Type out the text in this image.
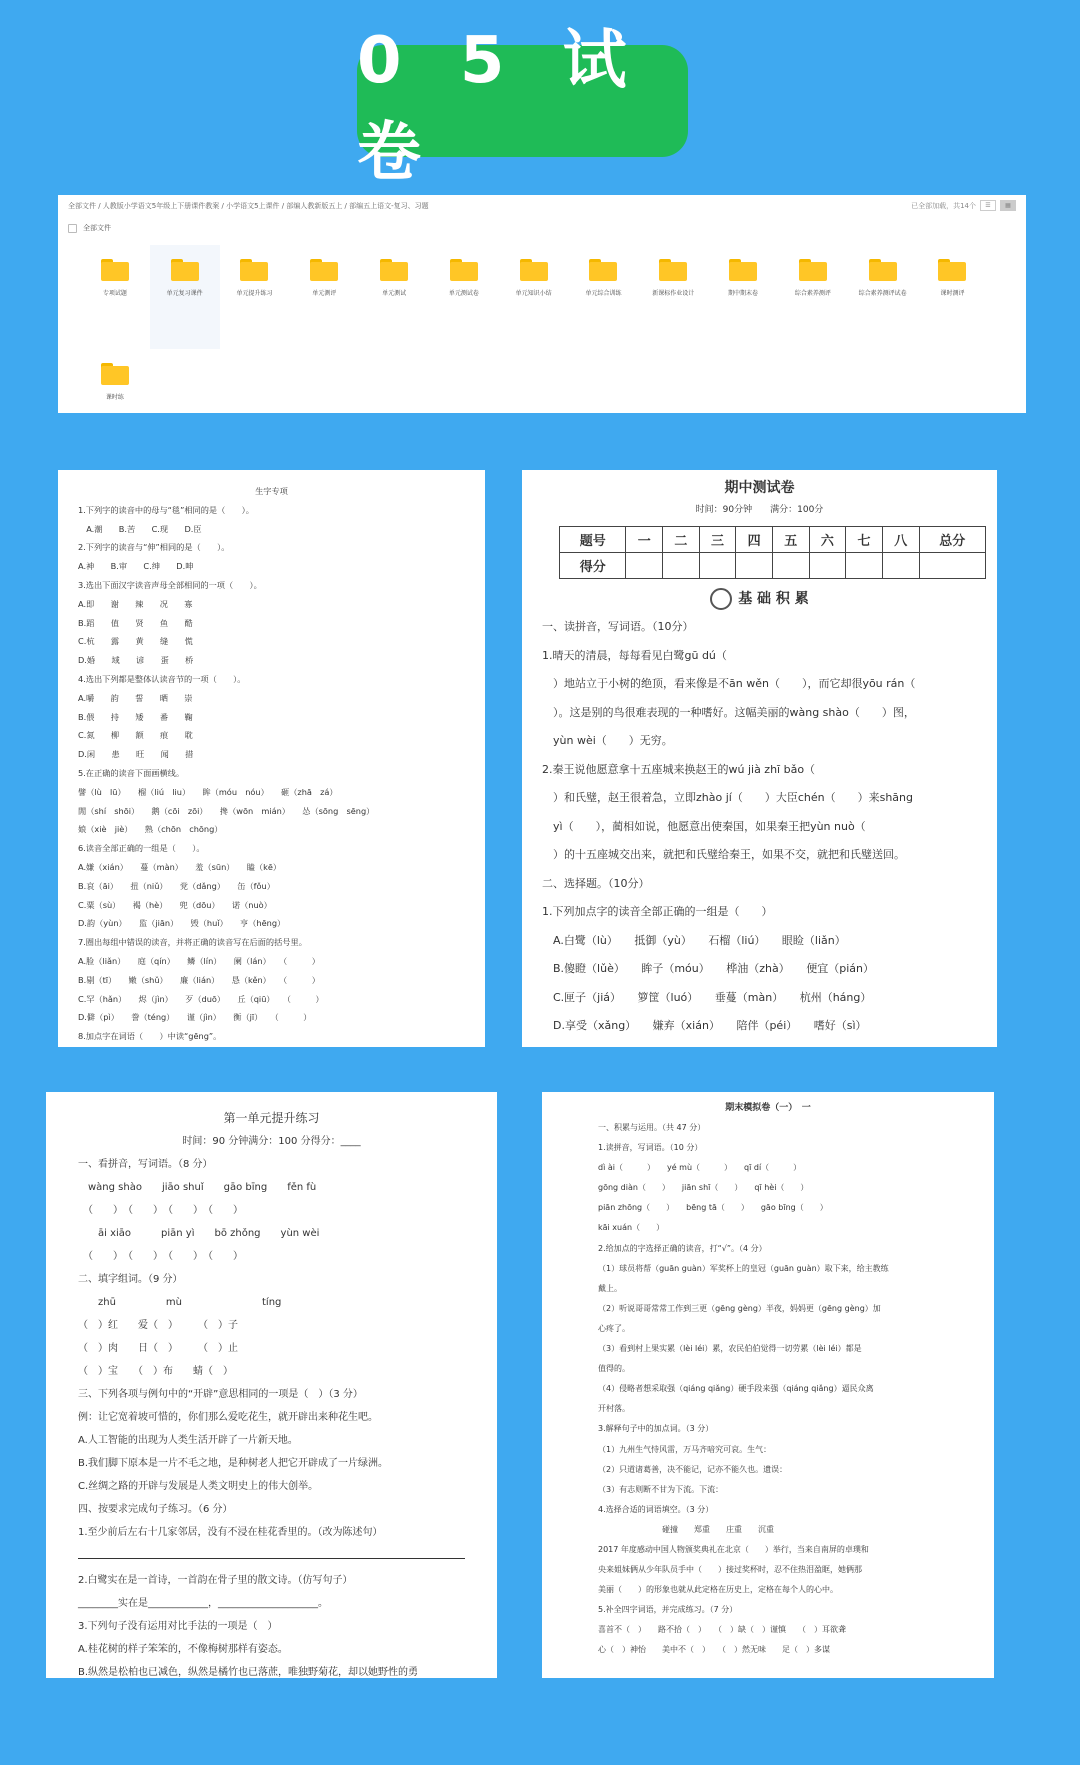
0 5 试 卷
全部文件 / 人教版小学语文5年级上下册课件教案 / 小学语文5上课件 / 部编人教新版五上 / 部编五上语文-复习、习题	已全部加载，共14个	☰	▦
全部文件
专项试题	单元复习课件	单元提升练习	单元测评	单元测试	单元测试卷	单元知识小结	单元综合训练	新课标作业设计	期中期末卷	综合素养测评	综合素养测评试卷	课时测评
课时练
生字专项
1.下列字的读音中的母与“毯”相同的是（　　）。
　A.潮　　B.苦　　C.现　　D.臣
2.下列字的读音与“伸”相同的是（　　）。
A.神　　B.审　　C.绅　　D.呻
3.选出下面汉字读音声母全部相同的一项（　　）。
A.即　　谢　　辣　　况　　寡
B.蹈　　值　　贤　　鱼　　酷
C.杭　　露　　黄　　缝　　慌
D.婚　　域　　谚　　蛋　　桥
4.选出下列都是整体认读音节的一项（　　）。
A.嚼　　韵　　誓　　晒　　崇
B.偎　　持　　矮　　番　　鞠
C.氮　　柳　　额　　痕　　耽
D.闲　　患　　旺　　闻　　措
5.在正确的读音下面画横线。
譬（lù　lū）　　榴（liú　liu）　　眸（móu　nóu）　　砸（zhā　zá）
閒（shí　shōi）　　鹅（cōi　zōi）　　搀（wōn　mián）　　怂（sōng　sēng）
娘（xiè　jiè）　　熟（chōn　chōng）
6.读音全部正确的一组是（　　）。
A.嫌（xián）　　蔓（màn）　　羞（sūn）　　瞌（kē）
B.哀（āi）　　扭（niǔ）　　党（dǎng）　　缶（fǒu）
C.粟（sù）　　褐（hè）　　兜（dōu）　　诺（nuò）
D.韵（yùn）　　监（jiān）　　毁（huǐ）　　亨（hēng）
7.圈出每组中错误的读音，并将正确的读音写在后面的括号里。
A.脸（liǎn）　　庭（qín）　　鳞（lín）　　阑（lán）　　（　　　）
B.剔（tī）　　嫩（shǔ）　　廉（lián）　　恳（kěn）　　（　　　）
C.罕（hǎn）　　烬（jìn）　　歹（duō）　　丘（qiū）　　（　　　）
D.僻（pì）　　誊（téng）　　谨（jìn）　　衡（jī）　　（　　　）
8.加点字在词语（　　）中读“gēng”。
期中测试卷
时间：90分钟　　满分：100分
题号	一	二	三	四	五	六	七	八	总分
得分									
基 础 积 累
一、读拼音，写词语。（10分）
1.晴天的清晨，每每看见白鹭gū dú（
　）地站立于小树的绝顶，看来像是不ān wěn（　　），而它却很yōu rán（
　）。这是别的鸟很难表现的一种嗜好。这幅美丽的wàng shào（　　）图，
　yùn wèi（　　）无穷。
2.秦王说他愿意拿十五座城来换赵王的wú jià zhī bǎo（
　）和氏璧，赵王很着急，立即zhào jí（　　）大臣chén（　　）来shāng
　yì（　　），蔺相如说，他愿意出使秦国，如果秦王把yùn nuò（
　）的十五座城交出来，就把和氏璧给秦王，如果不交，就把和氏璧送回。
二、选择题。（10分）
1.下列加点字的读音全部正确的一组是（　　）
　A.白鹭（lù）　　抵御（yù）　　石榴（liú）　　眼睑（liǎn）
　B.傻瞪（lǔè）　　眸子（móu）　　桦油（zhà）　　便宜（pián）
　C.匣子（jiá）　　箩筐（luó）　　垂蔓（màn）　　杭州（háng）
　D.享受（xǎng）　　嫌弃（xián）　　陪伴（péi）　　嗜好（sì）
第一单元提升练习
时间：90 分钟满分：100 分得分：____
一、看拼音，写词语。（8 分）
　wàng shào　　jiāo shuǐ　　gāo bīng　　fěn fù
　（　　）　（　　）　（　　）　（　　）
　　āi xiāo　　　piān yì　　bō zhǒng　　yùn wèi
　（　　）　（　　）　（　　）　（　　）
二、填字组词。（9 分）
　　zhū　　　　　mù　　　　　　　　tíng
（　）红　　爱（　）　　　（　）子
（　）肉　　日（　）　　　（　）止
（　）宝　　（　）布　　蜻（　）
三、下列各项与例句中的“开辟”意思相同的一项是（　）（3 分）
例：让它宽着坡可惜的，你们那么爱吃花生，就开辟出来种花生吧。
A.人工智能的出现为人类生活开辟了一片新天地。
B.我们脚下原本是一片不毛之地，是种树老人把它开辟成了一片绿洲。
C.丝绸之路的开辟与发展是人类文明史上的伟大创举。
四、按要求完成句子练习。（6 分）
1.至少前后左右十几家邻居，没有不浸在桂花香里的。（改为陈述句）

2.白鹭实在是一首诗，一首韵在骨子里的散文诗。（仿写句子）
________实在是____________，____________________。
3.下列句子没有运用对比手法的一项是（　）
A.桂花树的样子笨笨的，不像梅树那样有姿态。
B.纵然是松柏也已减色，纵然是橘竹也已落蔗，唯独野菊花，却以她野性的勇
期末模拟卷（一）　一
一、积累与运用。（共 47 分）
1.读拼音，写词语。（10 分）
dì ài（　　　）　　yé mù（　　　）　　qī dí（　　　）
gōng diàn（　　）　　jiān shī（　　）　　qī hèi（　　）
piān zhōng（　　）　　bēng tā（　　）　　gāo bīng（　　）
kāi xuán（　　）
2.给加点的字选择正确的读音，打“√”。（4 分）
（1）球员将帮（guān guàn）军奖杯上的皇冠（guān guàn）取下来，给主教练
戴上。
（2）听说哥哥常常工作到三更（gēng gèng）半夜，妈妈更（gēng gèng）加
心疼了。
（3）看到村上果实累（lèi léi）累，农民伯伯觉得一切劳累（lèi léi）都是
值得的。
（4）侵略者想采取强（qiáng qiǎng）硬手段来强（qiáng qiǎng）逼民众离
开村落。
3.解释句子中的加点词。（3 分）
（1）九州生气恃风雷，万马齐喑究可哀。生气：
（2）只道诸葛善，决不能记，记亦不能久也。遗误：
（3）有志则断不甘为下流。下流：
4.选择合适的词语填空。（3 分）
　　　　　　　　碰撞　　郑重　　庄重　　沉重
2017 年度感动中国人物颁奖典礼在北京（　　）举行，当来自南屏的卓璞和
央来姐妹俩从少年队员手中（　　）接过奖杯时，忍不住热泪盈眶，她俩那
美丽（　　）的形象也就从此定格在历史上，定格在每个人的心中。
5.补全四字词语，并完成练习。（7 分）
喜首不（　）　　路不拾（　）　　（　）缺（　）谨慎　　（　）耳欲聋
心（　）神怡　　美中不（　）　　（　）然无味　　足（　）多谋
